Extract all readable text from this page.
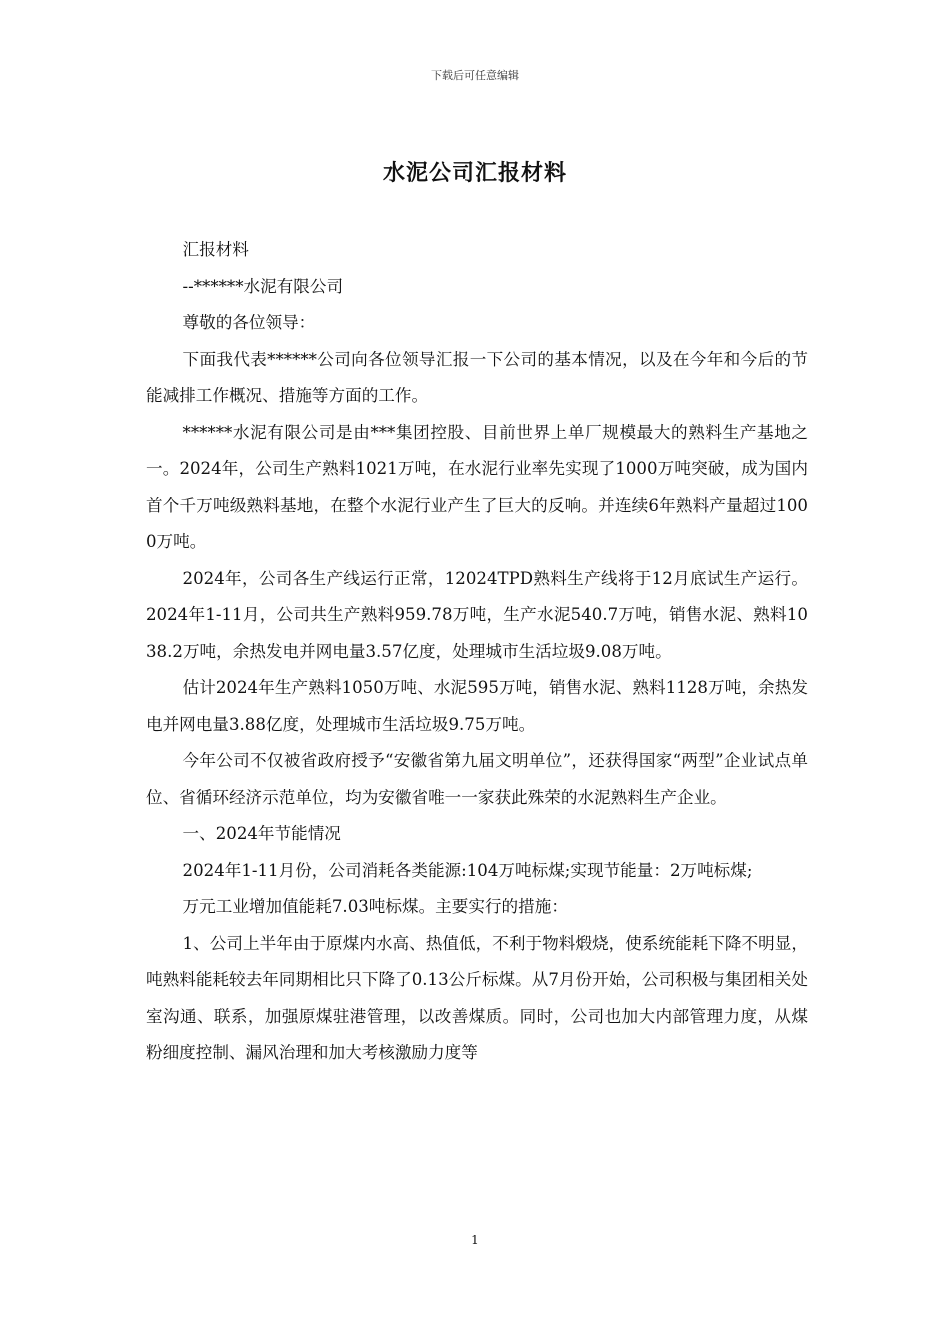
下载后可任意编辑
水泥公司汇报材料

汇报材料

--******水泥有限公司

尊敬的各位领导：

下面我代表******公司向各位领导汇报一下公司的基本情况，以及在今年和今后的节能减排工作概况、措施等方面的工作。

******水泥有限公司是由***集团控股、目前世界上单厂规模最大的熟料生产基地之一。2024年，公司生产熟料1021万吨，在水泥行业率先实现了1000万吨突破，成为国内首个千万吨级熟料基地，在整个水泥行业产生了巨大的反响。并连续6年熟料产量超过1000万吨。

2024年，公司各生产线运行正常，12024TPD熟料生产线将于12月底试生产运行。2024年1-11月，公司共生产熟料959.78万吨，生产水泥540.7万吨，销售水泥、熟料1038.2万吨，余热发电并网电量3.57亿度，处理城市生活垃圾9.08万吨。

估计2024年生产熟料1050万吨、水泥595万吨，销售水泥、熟料1128万吨，余热发电并网电量3.88亿度，处理城市生活垃圾9.75万吨。

今年公司不仅被省政府授予“安徽省第九届文明单位”，还获得国家“两型”企业试点单位、省循环经济示范单位，均为安徽省唯一一家获此殊荣的水泥熟料生产企业。

一、2024年节能情况

2024年1-11月份，公司消耗各类能源:104万吨标煤;实现节能量：2万吨标煤;

万元工业增加值能耗7.03吨标煤。主要实行的措施：

1、公司上半年由于原煤内水高、热值低，不利于物料煅烧，使系统能耗下降不明显，吨熟料能耗较去年同期相比只下降了0.13公斤标煤。从7月份开始，公司积极与集团相关处室沟通、联系，加强原煤驻港管理，以改善煤质。同时，公司也加大内部管理力度，从煤粉细度控制、漏风治理和加大考核激励力度等

1
